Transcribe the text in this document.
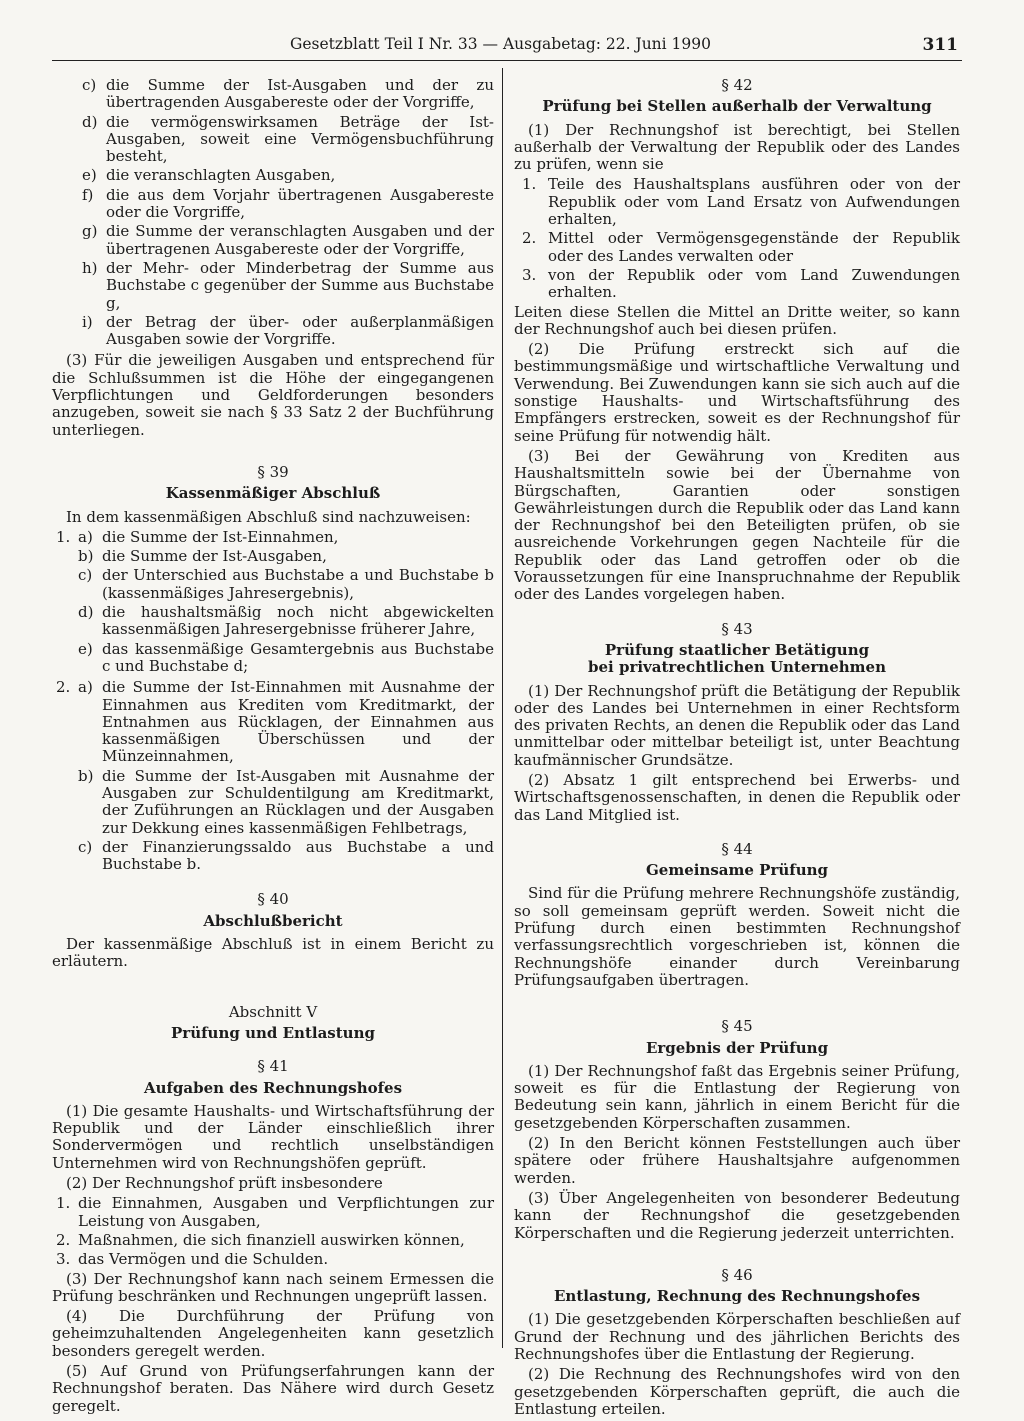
Gesetzblatt Teil I Nr. 33 — Ausgabetag: 22. Juni 1990	311
c) die Summe der Ist-Ausgaben und der zu übertragenden Ausgabereste oder der Vorgriffe,
d) die vermögenswirksamen Beträge der Ist-Ausgaben, soweit eine Vermögensbuchführung besteht,
e) die veranschlagten Ausgaben,
f) die aus dem Vorjahr übertragenen Ausgabereste oder die Vorgriffe,
g) die Summe der veranschlagten Ausgaben und der übertragenen Ausgabereste oder der Vorgriffe,
h) der Mehr- oder Minderbetrag der Summe aus Buchstabe c gegenüber der Summe aus Buchstabe g,
i) der Betrag der über- oder außerplanmäßigen Ausgaben sowie der Vorgriffe.

(3) Für die jeweiligen Ausgaben und entsprechend für die Schlußsummen ist die Höhe der eingegangenen Verpflichtungen und Geldforderungen besonders anzugeben, soweit sie nach § 33 Satz 2 der Buchführung unterliegen.

§ 39
Kassenmäßiger Abschluß

In dem kassenmäßigen Abschluß sind nachzuweisen:

1. a) die Summe der Ist-Einnahmen,
b) die Summe der Ist-Ausgaben,
c) der Unterschied aus Buchstabe a und Buchstabe b (kassenmäßiges Jahresergebnis),
d) die haushaltsmäßig noch nicht abgewickelten kassenmäßigen Jahresergebnisse früherer Jahre,
e) das kassenmäßige Gesamtergebnis aus Buchstabe c und Buchstabe d;
2. a) die Summe der Ist-Einnahmen mit Ausnahme der Einnahmen aus Krediten vom Kreditmarkt, der Entnahmen aus Rücklagen, der Einnahmen aus kassenmäßigen Überschüssen und der Münzeinnahmen,
b) die Summe der Ist-Ausgaben mit Ausnahme der Ausgaben zur Schuldentilgung am Kreditmarkt, der Zuführungen an Rücklagen und der Ausgaben zur Dekkung eines kassenmäßigen Fehlbetrags,
c) der Finanzierungssaldo aus Buchstabe a und Buchstabe b.
§ 40
Abschlußbericht

Der kassenmäßige Abschluß ist in einem Bericht zu erläutern.

Abschnitt V
Prüfung und Entlastung
§ 41
Aufgaben des Rechnungshofes

(1) Die gesamte Haushalts- und Wirtschaftsführung der Republik und der Länder einschließlich ihrer Sondervermögen und rechtlich unselbständigen Unternehmen wird von Rechnungshöfen geprüft.

(2) Der Rechnungshof prüft insbesondere

1. die Einnahmen, Ausgaben und Verpflichtungen zur Leistung von Ausgaben,
2. Maßnahmen, die sich finanziell auswirken können,
3. das Vermögen und die Schulden.

(3) Der Rechnungshof kann nach seinem Ermessen die Prüfung beschränken und Rechnungen ungeprüft lassen.

(4) Die Durchführung der Prüfung von geheimzuhaltenden Angelegenheiten kann gesetzlich besonders geregelt werden.

(5) Auf Grund von Prüfungserfahrungen kann der Rechnungshof beraten. Das Nähere wird durch Gesetz geregelt.

§ 42
Prüfung bei Stellen außerhalb der Verwaltung

(1) Der Rechnungshof ist berechtigt, bei Stellen außerhalb der Verwaltung der Republik oder des Landes zu prüfen, wenn sie

1. Teile des Haushaltsplans ausführen oder von der Republik oder vom Land Ersatz von Aufwendungen erhalten,
2. Mittel oder Vermögensgegenstände der Republik oder des Landes verwalten oder
3. von der Republik oder vom Land Zuwendungen erhalten.

Leiten diese Stellen die Mittel an Dritte weiter, so kann der Rechnungshof auch bei diesen prüfen.

(2) Die Prüfung erstreckt sich auf die bestimmungsmäßige und wirtschaftliche Verwaltung und Verwendung. Bei Zuwendungen kann sie sich auch auf die sonstige Haushalts- und Wirtschaftsführung des Empfängers erstrecken, soweit es der Rechnungshof für seine Prüfung für notwendig hält.

(3) Bei der Gewährung von Krediten aus Haushaltsmitteln sowie bei der Übernahme von Bürgschaften, Garantien oder sonstigen Gewährleistungen durch die Republik oder das Land kann der Rechnungshof bei den Beteiligten prüfen, ob sie ausreichende Vorkehrungen gegen Nachteile für die Republik oder das Land getroffen oder ob die Voraussetzungen für eine Inanspruchnahme der Republik oder des Landes vorgelegen haben.

§ 43
Prüfung staatlicher Betätigung
bei privatrechtlichen Unternehmen

(1) Der Rechnungshof prüft die Betätigung der Republik oder des Landes bei Unternehmen in einer Rechtsform des privaten Rechts, an denen die Republik oder das Land unmittelbar oder mittelbar beteiligt ist, unter Beachtung kaufmännischer Grundsätze.

(2) Absatz 1 gilt entsprechend bei Erwerbs- und Wirtschaftsgenossenschaften, in denen die Republik oder das Land Mitglied ist.

§ 44
Gemeinsame Prüfung

Sind für die Prüfung mehrere Rechnungshöfe zuständig, so soll gemeinsam geprüft werden. Soweit nicht die Prüfung durch einen bestimmten Rechnungshof verfassungsrechtlich vorgeschrieben ist, können die Rechnungshöfe einander durch Vereinbarung Prüfungsaufgaben übertragen.

§ 45
Ergebnis der Prüfung

(1) Der Rechnungshof faßt das Ergebnis seiner Prüfung, soweit es für die Entlastung der Regierung von Bedeutung sein kann, jährlich in einem Bericht für die gesetzgebenden Körperschaften zusammen.

(2) In den Bericht können Feststellungen auch über spätere oder frühere Haushaltsjahre aufgenommen werden.

(3) Über Angelegenheiten von besonderer Bedeutung kann der Rechnungshof die gesetzgebenden Körperschaften und die Regierung jederzeit unterrichten.

§ 46
Entlastung, Rechnung des Rechnungshofes

(1) Die gesetzgebenden Körperschaften beschließen auf Grund der Rechnung und des jährlichen Berichts des Rechnungshofes über die Entlastung der Regierung.

(2) Die Rechnung des Rechnungshofes wird von den gesetzgebenden Körperschaften geprüft, die auch die Entlastung erteilen.
